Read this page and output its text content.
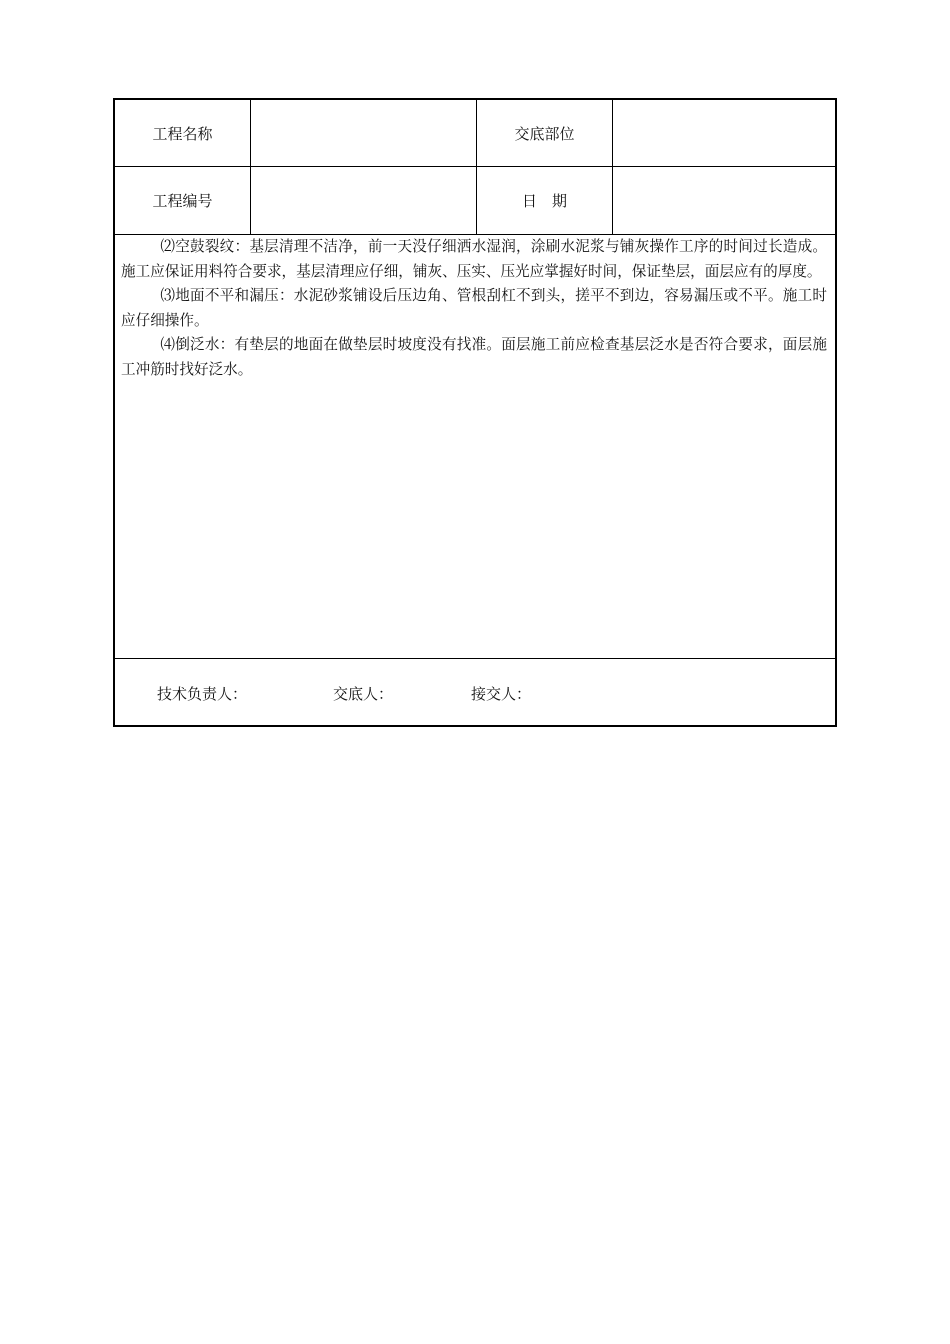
工程名称	交底部位
工程编号	日　期

⑵空鼓裂纹：基层清理不洁净，前一天没仔细洒水湿润，涂刷水泥浆与铺灰操作工序的时间过长造成。施工应保证用料符合要求，基层清理应仔细，铺灰、压实、压光应掌握好时间，保证垫层，面层应有的厚度。

⑶地面不平和漏压：水泥砂浆铺设后压边角、管根刮杠不到头，搓平不到边，容易漏压或不平。施工时应仔细操作。

⑷倒泛水：有垫层的地面在做垫层时坡度没有找准。面层施工前应检查基层泛水是否符合要求，面层施工冲筋时找好泛水。

技术负责人：	交底人：	接交人：
